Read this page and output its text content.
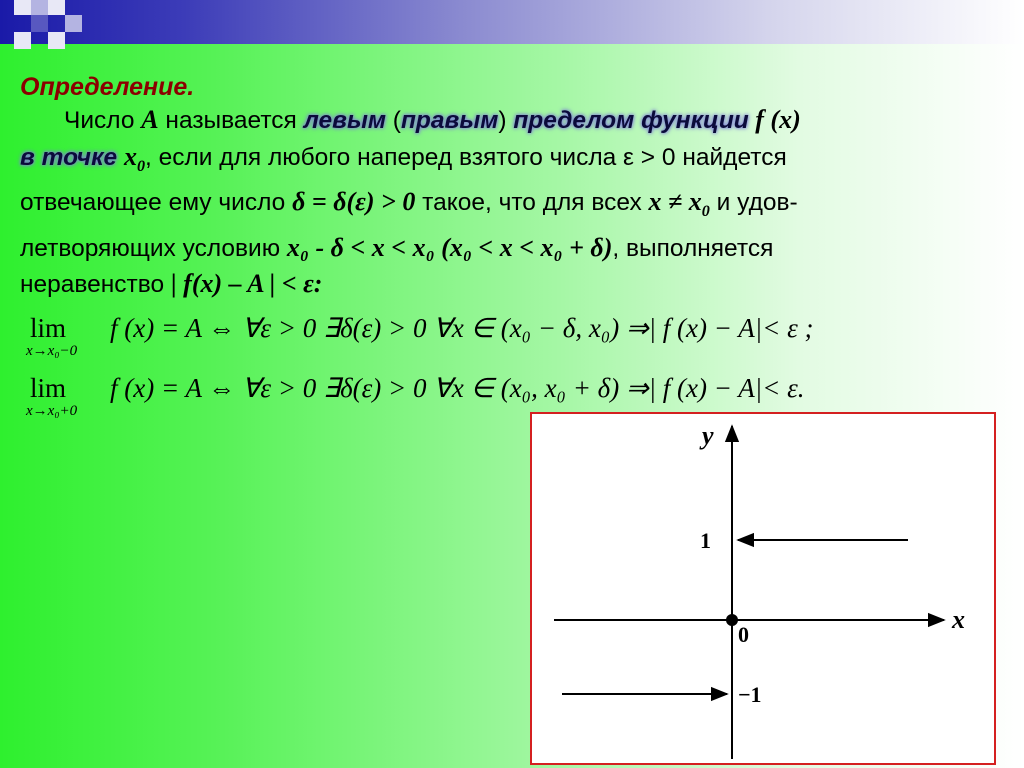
Определение.
Число A называется левым (правым) пределом функции f (x)
в точке $x_0$, если для любого наперед взятого числа ε > 0 найдется
отвечающее ему число δ = δ(ε) > 0 такое, что для всех $x \ne x_0$ и удов-
летворяющих условию x₀ - δ < x < x₀ (x₀ < x < x₀ + δ), выполняется
неравенство | f(x) – A | < ε:
lim
x→x₀−0
f (x) = A ⇔ ∀ε > 0 ∃δ(ε) > 0 ∀x ∈ (x₀ − δ, x₀) ⇒| f (x) − A|< ε ;
lim
x→x₀+0
f (x) = A ⇔ ∀ε > 0 ∃δ(ε) > 0 ∀x ∈ (x₀, x₀ + δ) ⇒| f (x) − A|< ε.
y
x
1
0
−1
